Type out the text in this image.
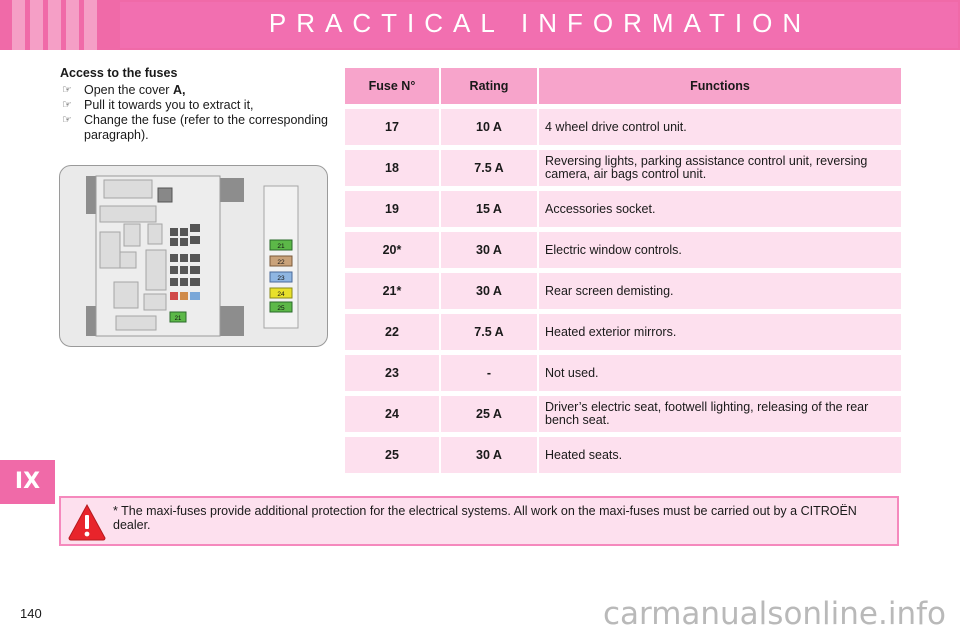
PRACTICAL INFORMATION
IX
Access to the fuses
☞ Open the cover A,
☞ Pull it towards you to extract it,
☞ Change the fuse (refer to the corresponding paragraph).
21
21
22
23
24
25
Fuse N°	Rating	Functions
17	10 A	4 wheel drive control unit.
18	7.5 A	Reversing lights, parking assistance control unit, reversing camera, air bags control unit.
19	15 A	Accessories socket.
20*	30 A	Electric window controls.
21*	30 A	Rear screen demisting.
22	7.5 A	Heated exterior mirrors.
23	-	Not used.
24	25 A	Driver’s electric seat, footwell lighting, releasing of the rear bench seat.
25	30 A	Heated seats.
* The maxi-fuses provide additional protection for the electrical systems. All work on the maxi-fuses must be carried out by a CITROËN dealer.
140	carmanualsonline.info
